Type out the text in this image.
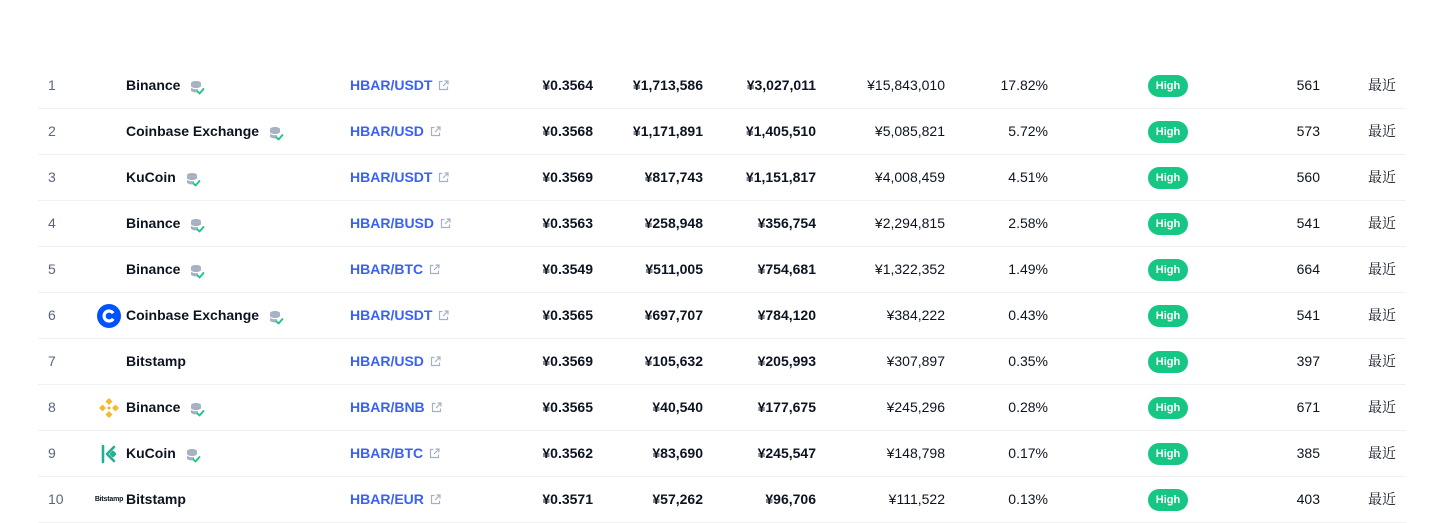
1	Binance	HBAR/USDT	¥0.3564	¥1,713,586	¥3,027,011	¥15,843,010	17.82%	High	561	最近
2	Coinbase Exchange	HBAR/USD	¥0.3568	¥1,171,891	¥1,405,510	¥5,085,821	5.72%	High	573	最近
3	KuCoin	HBAR/USDT	¥0.3569	¥817,743	¥1,151,817	¥4,008,459	4.51%	High	560	最近
4	Binance	HBAR/BUSD	¥0.3563	¥258,948	¥356,754	¥2,294,815	2.58%	High	541	最近
5	Binance	HBAR/BTC	¥0.3549	¥511,005	¥754,681	¥1,322,352	1.49%	High	664	最近
6	Coinbase Exchange	HBAR/USDT	¥0.3565	¥697,707	¥784,120	¥384,222	0.43%	High	541	最近
7	Bitstamp	HBAR/USD	¥0.3569	¥105,632	¥205,993	¥307,897	0.35%	High	397	最近
8	Binance	HBAR/BNB	¥0.3565	¥40,540	¥177,675	¥245,296	0.28%	High	671	最近
9	KuCoin	HBAR/BTC	¥0.3562	¥83,690	¥245,547	¥148,798	0.17%	High	385	最近
10	Bitstamp Bitstamp	HBAR/EUR	¥0.3571	¥57,262	¥96,706	¥111,522	0.13%	High	403	最近
